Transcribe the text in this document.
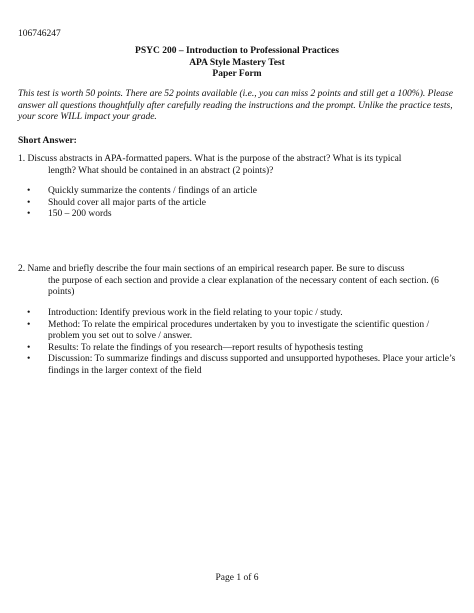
106746247
PSYC 200 – Introduction to Professional Practices
APA Style Mastery Test
Paper Form
This test is worth 50 points. There are 52 points available (i.e., you can miss 2 points and still get a 100%). Please answer all questions thoughtfully after carefully reading the instructions and the prompt. Unlike the practice tests, your score WILL impact your grade.
Short Answer:
1. Discuss abstracts in APA-formatted papers. What is the purpose of the abstract? What is its typical
length? What should be contained in an abstract (2 points)?
• Quickly summarize the contents / findings of an article
• Should cover all major parts of the article
• 150 – 200 words
2. Name and briefly describe the four main sections of an empirical research paper. Be sure to discuss
the purpose of each section and provide a clear explanation of the necessary content of each section. (6 points)
• Introduction: Identify previous work in the field relating to your topic / study.
• Method: To relate the empirical procedures undertaken by you to investigate the scientific question / problem you set out to solve / answer.
• Results: To relate the findings of you research—report results of hypothesis testing
• Discussion: To summarize findings and discuss supported and unsupported hypotheses. Place your article’s findings in the larger context of the field
Page 1 of 6
